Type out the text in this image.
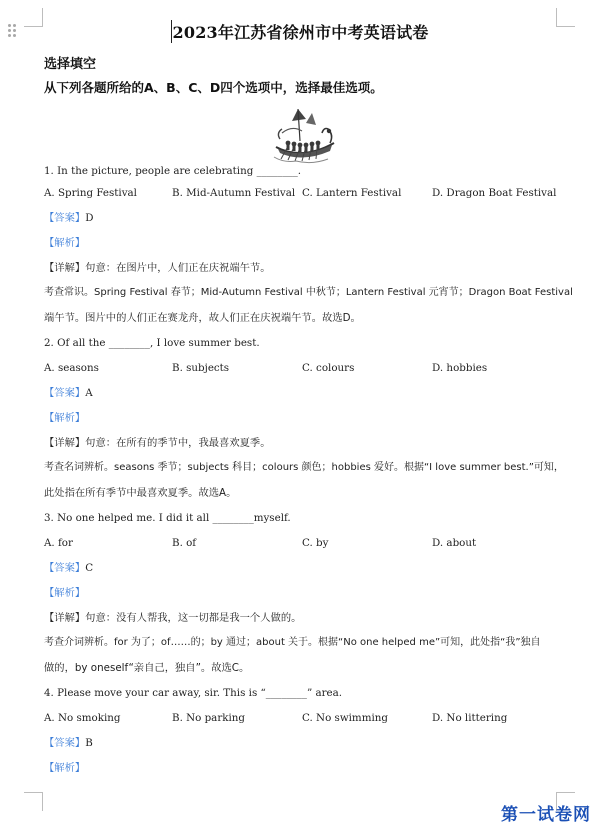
2023年江苏省徐州市中考英语试卷
选择填空
从下列各题所给的A、B、C、D四个选项中，选择最佳选项。
1. In the picture, people are celebrating ________.
A. Spring Festival	B. Mid-Autumn Festival C. Lantern Festival	D. Dragon Boat Festival
【答案】D
【解析】
【详解】句意：在图片中，人们正在庆祝端午节。
考查常识。Spring Festival 春节；Mid-Autumn Festival 中秋节；Lantern Festival 元宵节；Dragon Boat Festival
端午节。图片中的人们正在赛龙舟，故人们正在庆祝端午节。故选D。
2. Of all the ________, I love summer best.
A. seasons	B. subjects	C. colours	D. hobbies
【答案】A
【解析】
【详解】句意：在所有的季节中，我最喜欢夏季。
考查名词辨析。seasons 季节；subjects 科目；colours 颜色；hobbies 爱好。根据“I love summer best.”可知，
此处指在所有季节中最喜欢夏季。故选A。
3. No one helped me. I did it all ________myself.
A. for	B. of	C. by	D. about
【答案】C
【解析】
【详解】句意：没有人帮我，这一切都是我一个人做的。
考查介词辨析。for 为了；of……的；by 通过；about 关于。根据“No one helped me”可知，此处指“我”独自
做的，by oneself“亲自己，独自”。故选C。
4. Please move your car away, sir. This is “________” area.
A. No smoking	B. No parking	C. No swimming	D. No littering
【答案】B
【解析】
第一试卷网
